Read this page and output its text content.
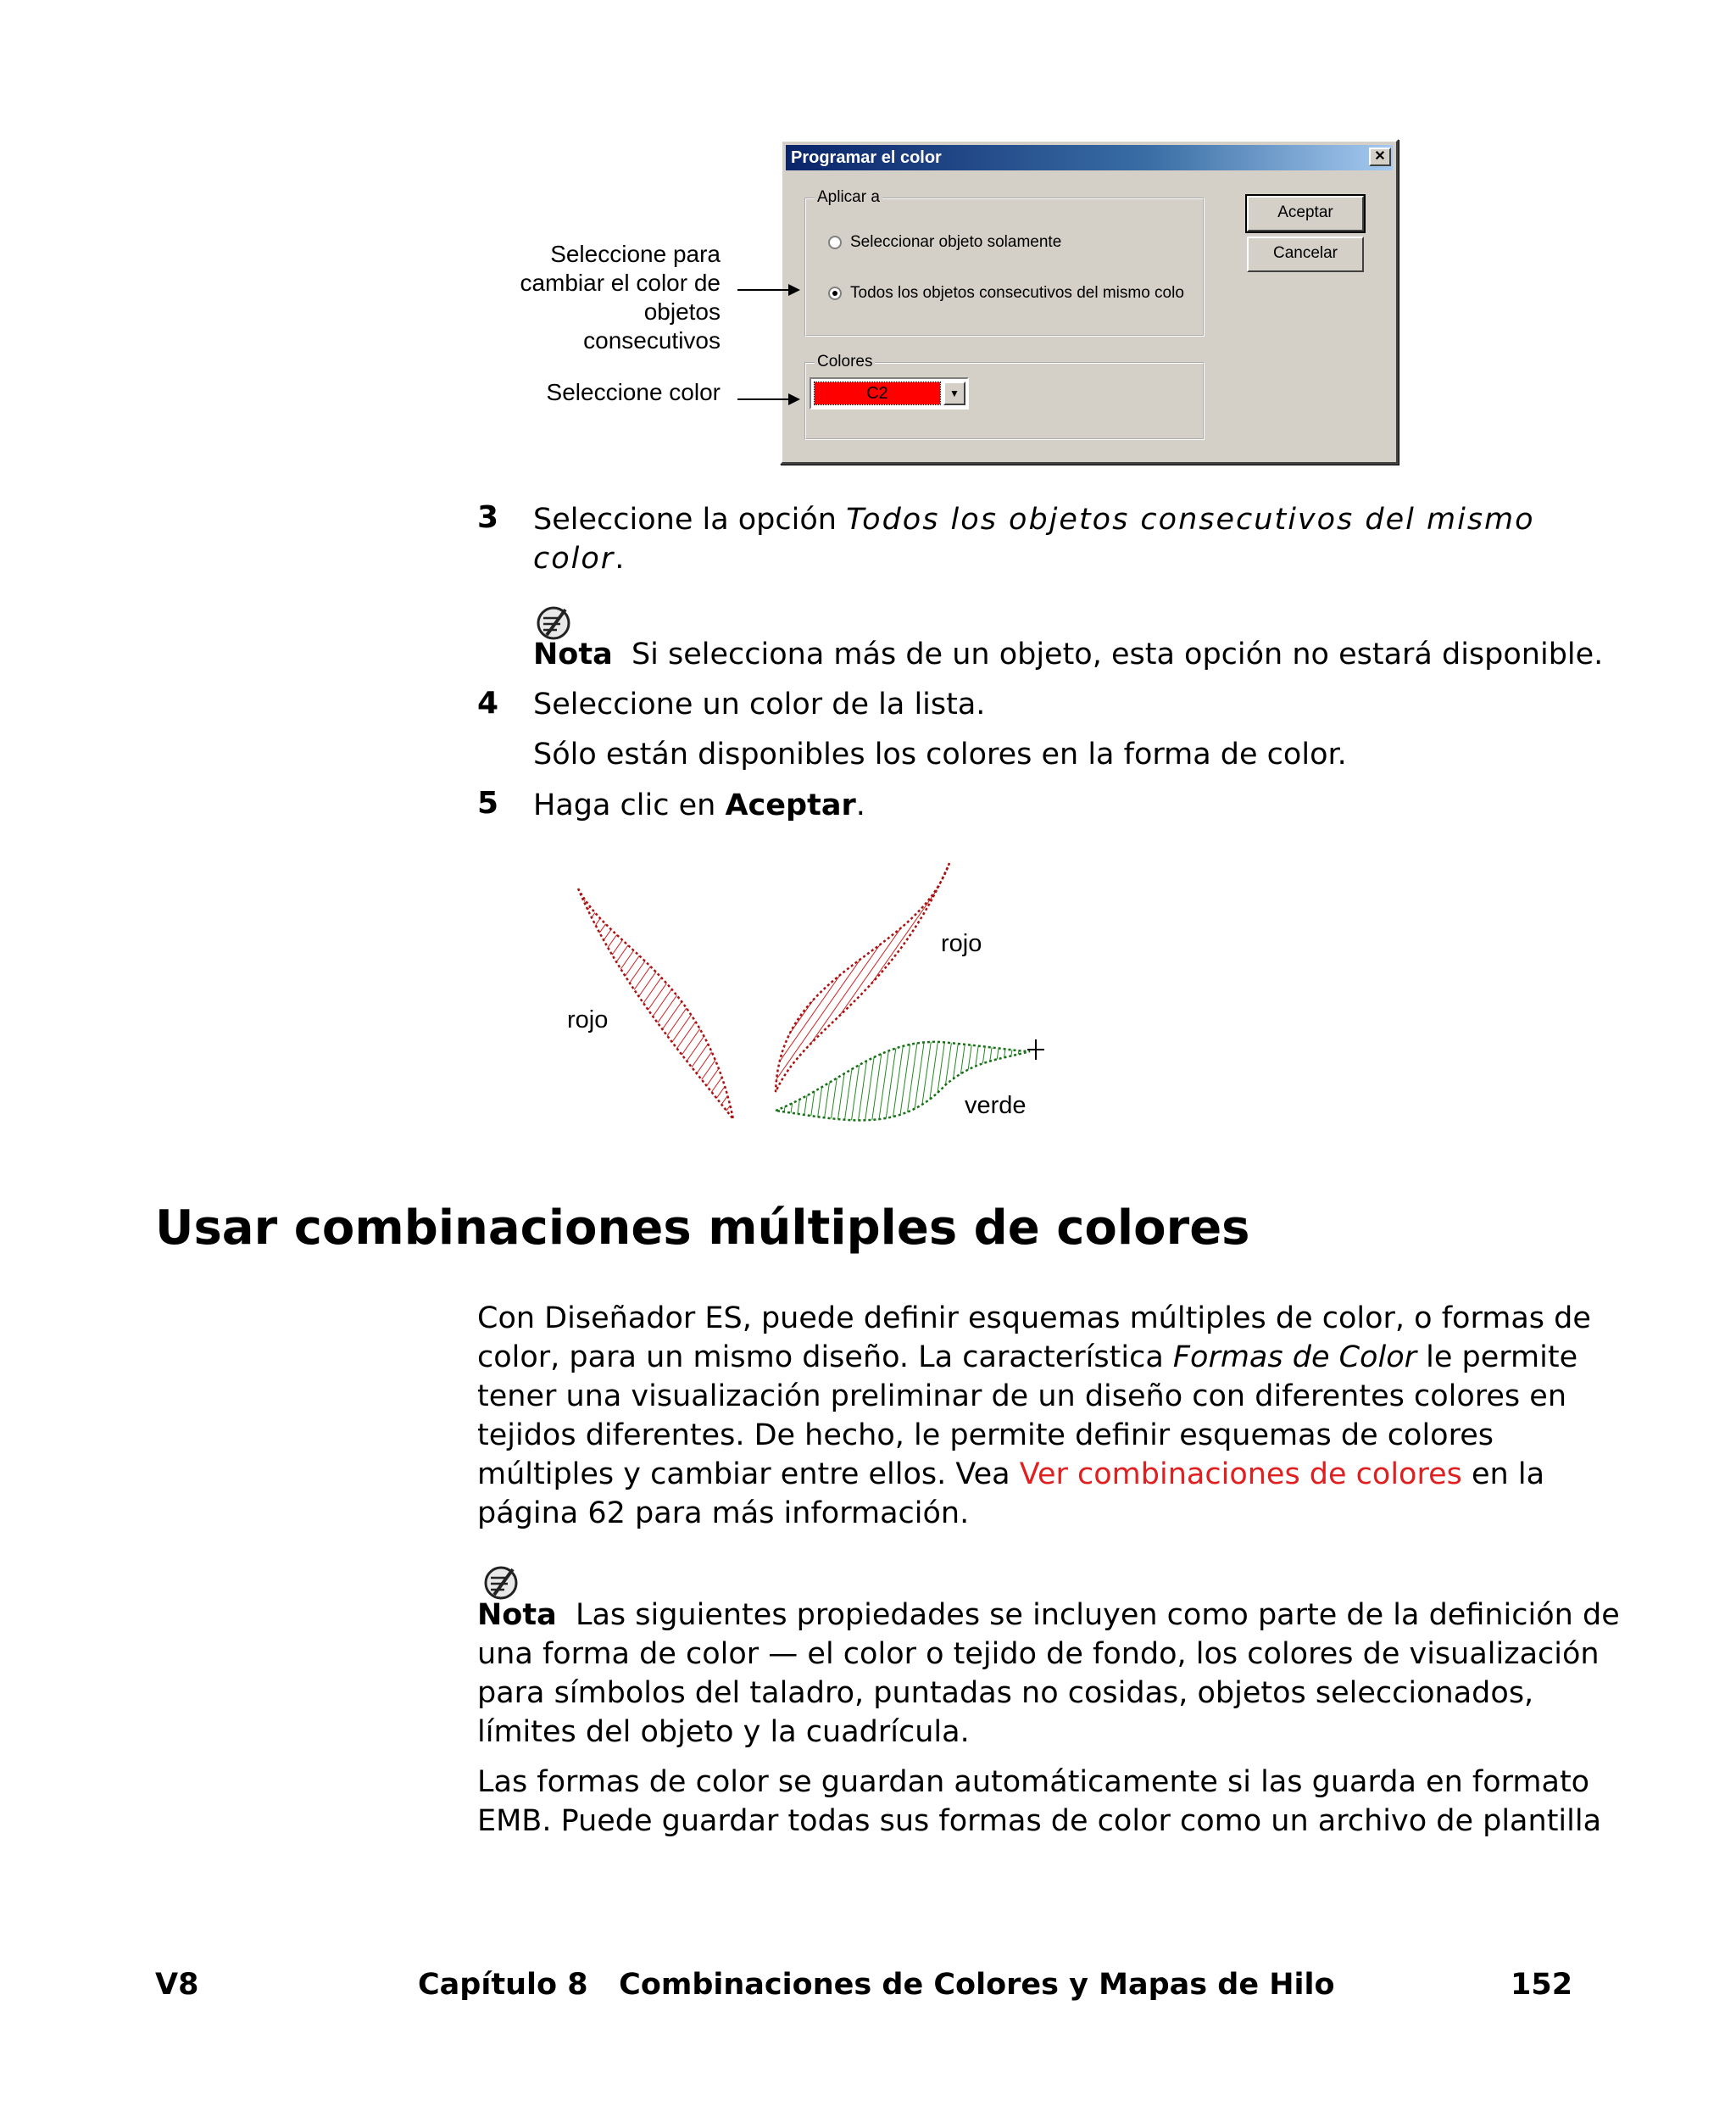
Programar el color	✕
Aplicar a
Seleccionar objeto solamente
Todos los objetos consecutivos del mismo colo
Colores
C2	▼
Aceptar
Cancelar
Seleccione para
cambiar el color de
objetos
consecutivos
Seleccione color
3 Seleccione la opción Todos los objetos consecutivos del mismo
color.
Nota Si selecciona más de un objeto, esta opción no estará disponible.
4 Seleccione un color de la lista.
Sólo están disponibles los colores en la forma de color.
5 Haga clic en Aceptar.
rojo
rojo
verde
Usar combinaciones múltiples de colores
Con Diseñador ES, puede definir esquemas múltiples de color, o formas de
color, para un mismo diseño. La característica Formas de Color le permite
tener una visualización preliminar de un diseño con diferentes colores en
tejidos diferentes. De hecho, le permite definir esquemas de colores
múltiples y cambiar entre ellos. Vea Ver combinaciones de colores en la
página 62 para más información.
Nota Las siguientes propiedades se incluyen como parte de la definición de
una forma de color — el color o tejido de fondo, los colores de visualización
para símbolos del taladro, puntadas no cosidas, objetos seleccionados,
límites del objeto y la cuadrícula.
Las formas de color se guardan automáticamente si las guarda en formato
EMB. Puede guardar todas sus formas de color como un archivo de plantilla
V8	Capítulo 8   Combinaciones de Colores y Mapas de Hilo	152
